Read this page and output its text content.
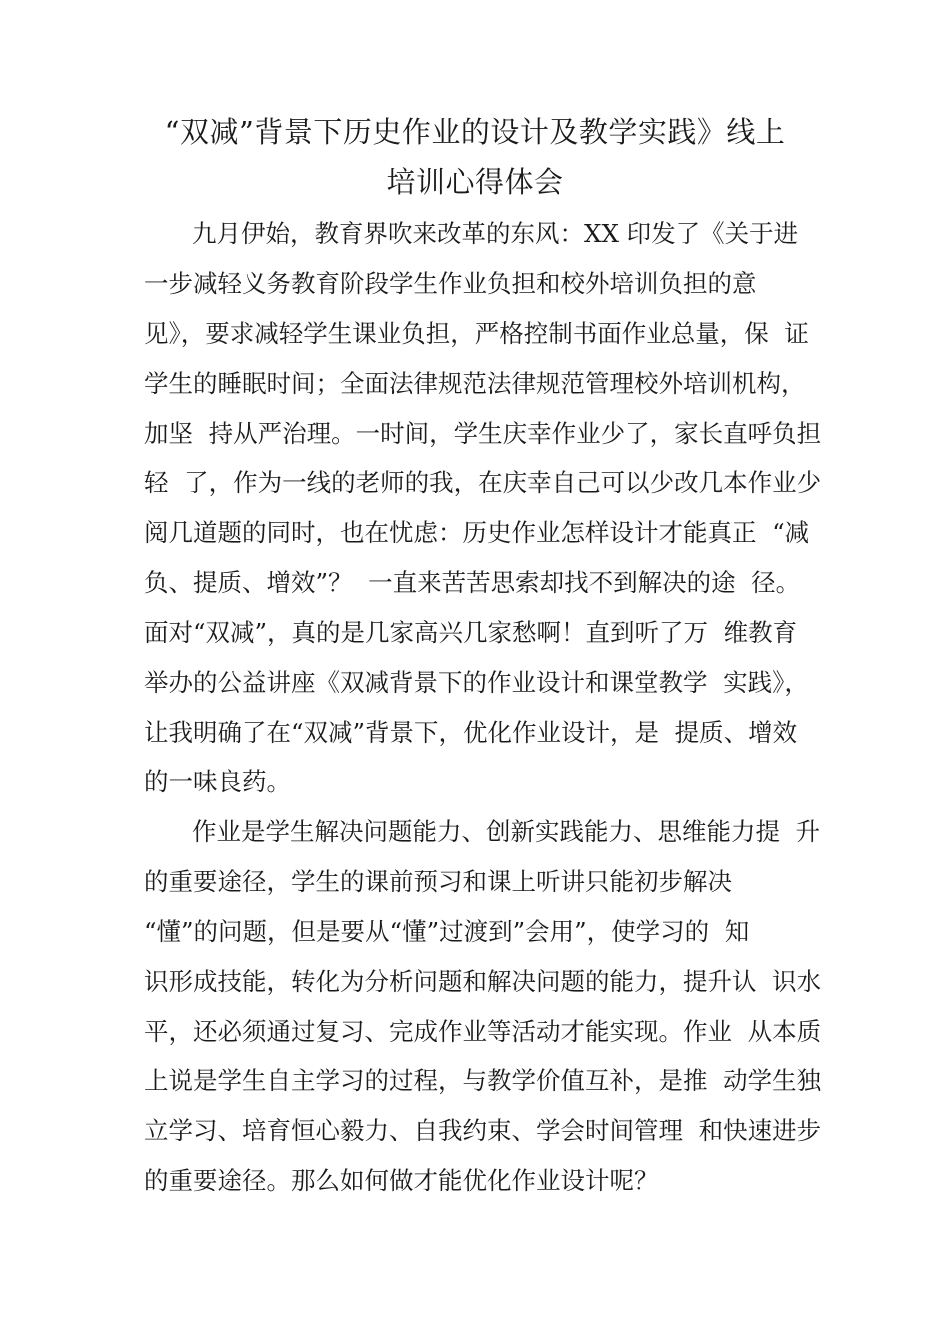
“双减”背景下历史作业的设计及教学实践》线上
培训心得体会

九月伊始，教育界吹来改革的东风：XX 印发了《关于进

一步减轻义务教育阶段学生作业负担和校外培训负担的意

见》，要求减轻学生课业负担，严格控制书面作业总量，保  证

学生的睡眠时间；全面法律规范法律规范管理校外培训机构，

加坚  持从严治理。一时间，学生庆幸作业少了，家长直呼负担

轻  了，作为一线的老师的我，在庆幸自己可以少改几本作业少

阅几道题的同时，也在忧虑：历史作业怎样设计才能真正  “减

负、提质、增效”？  一直来苦苦思索却找不到解决的途  径。

面对“双减”，真的是几家高兴几家愁啊！直到听了万  维教育

举办的公益讲座《双减背景下的作业设计和课堂教学  实践》，

让我明确了在“双减”背景下，优化作业设计，是  提质、增效

的一味良药。

作业是学生解决问题能力、创新实践能力、思维能力提  升

的重要途径，学生的课前预习和课上听讲只能初步解决

“懂”的问题，但是要从“懂”过渡到”会用”，使学习的  知

识形成技能，转化为分析问题和解决问题的能力，提升认  识水

平，还必须通过复习、完成作业等活动才能实现。作业  从本质

上说是学生自主学习的过程，与教学价值互补，是推  动学生独

立学习、培育恒心毅力、自我约束、学会时间管理  和快速进步

的重要途径。那么如何做才能优化作业设计呢？
